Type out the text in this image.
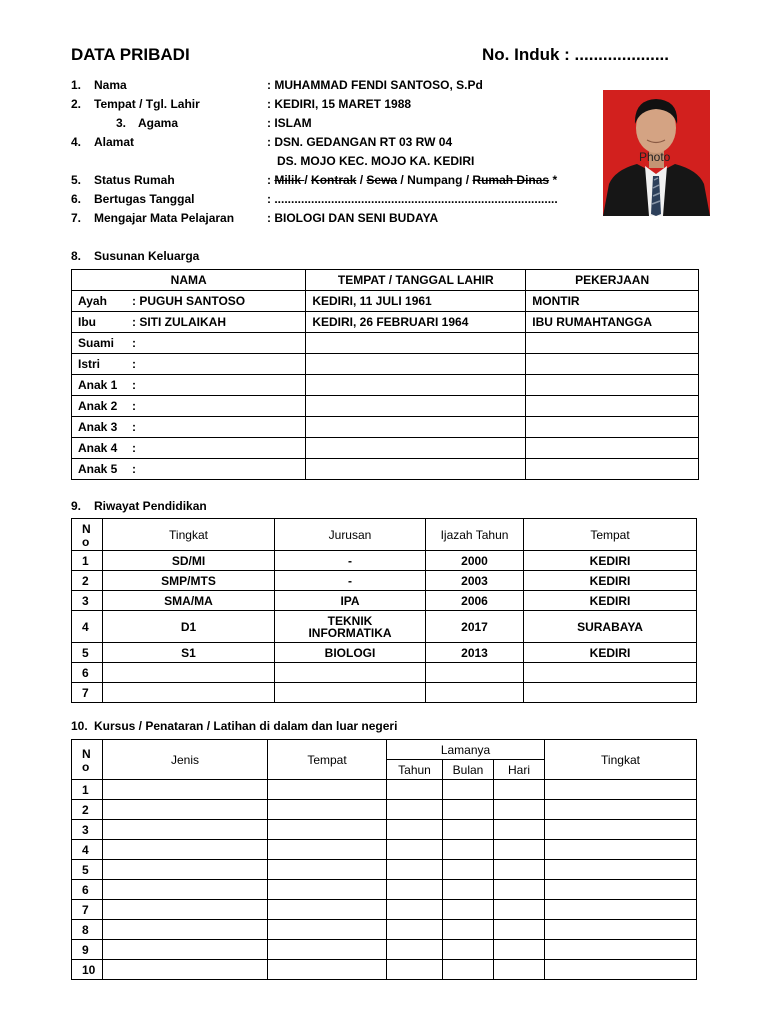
DATA PRIBADI	No. Induk : ....................
1. Nama	: MUHAMMAD FENDI SANTOSO, S.Pd
2. Tempat / Tgl. Lahir	: KEDIRI, 15 MARET 1988
3. Agama	: ISLAM
4. Alamat	: DSN. GEDANGAN RT 03 RW 04
DS. MOJO KEC. MOJO KA. KEDIRI
5. Status Rumah	: Milik / Kontrak / Sewa / Numpang / Rumah Dinas *
6. Bertugas Tanggal	: .....................................................................................
7. Mengajar Mata Pelajaran	: BIOLOGI DAN SENI BUDAYA
Photo
8. Susunan Keluarga
NAMA	TEMPAT / TANGGAL LAHIR	PEKERJAAN
Ayah : PUGUH SANTOSO	KEDIRI, 11 JULI 1961	MONTIR
Ibu : SITI ZULAIKAH	KEDIRI, 26 FEBRUARI 1964	IBU RUMAHTANGGA
Suami :		
Istri :		
Anak 1 :		
Anak 2 :		
Anak 3 :		
Anak 4 :		
Anak 5 :		
9. Riwayat Pendidikan
N
o	Tingkat	Jurusan	Ijazah Tahun	Tempat
1	SD/MI	-	2000	KEDIRI
2	SMP/MTS	-	2003	KEDIRI
3	SMA/MA	IPA	2006	KEDIRI
4	D1	TEKNIK
INFORMATIKA	2017	SURABAYA
5	S1	BIOLOGI	2013	KEDIRI
6				
7				
10. Kursus / Penataran / Latihan di dalam dan luar negeri
N
o	Jenis	Tempat	Lamanya			Tingkat
			Tahun	Bulan	Hari	
1						
2						
3						
4						
5						
6						
7						
8						
9						
10						
